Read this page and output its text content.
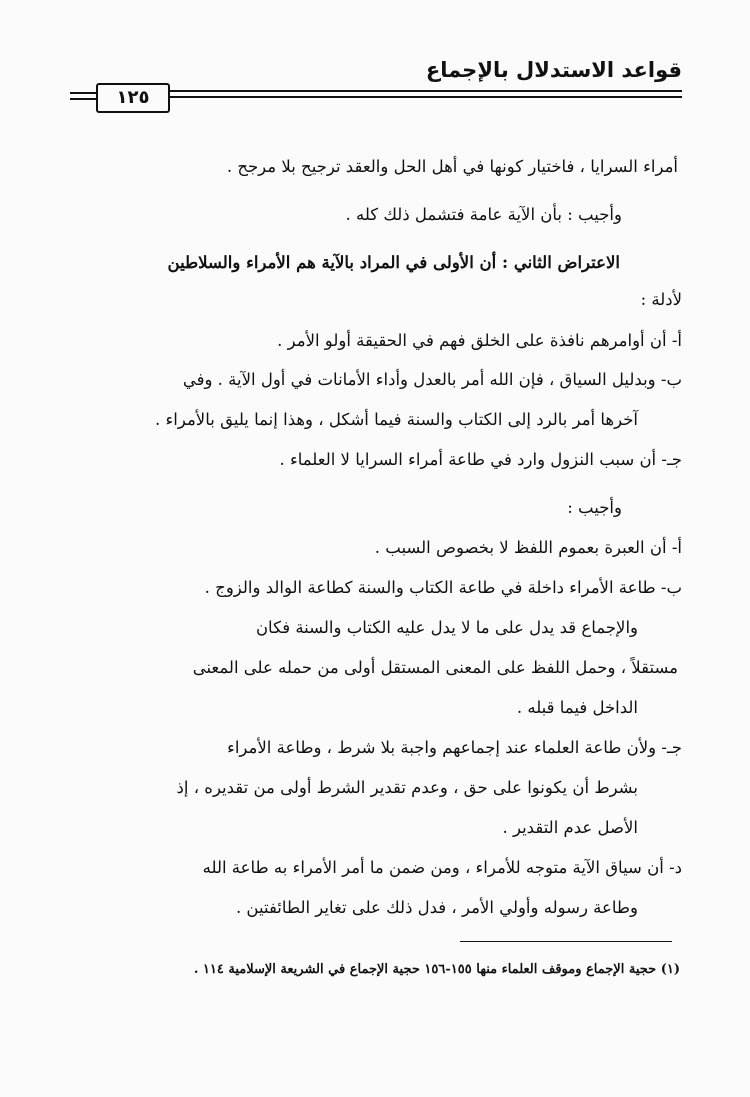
قواعد الاستدلال بالإجماع
١٢٥
أمراء السرايا ، فاختيار كونها في أهل الحل والعقد ترجيح بلا مرجح .
وأجيب : بأن الآية عامة فتشمل ذلك كله .
الاعتراض الثاني : أن الأولى في المراد بالآية هم الأمراء والسلاطين
لأدلة :
أ- أن أوامرهم نافذة على الخلق فهم في الحقيقة أولو الأمر .
ب- وبدليل السياق ، فإن الله أمر بالعدل وأداء الأمانات في أول الآية . وفي
آخرها أمر بالرد إلى الكتاب والسنة فيما أشكل ، وهذا إنما يليق بالأمراء .
جـ- أن سبب النزول وارد في طاعة أمراء السرايا لا العلماء .
وأجيب :
أ- أن العبرة بعموم اللفظ لا بخصوص السبب .
ب- طاعة الأمراء داخلة في طاعة الكتاب والسنة كطاعة الوالد والزوج .
والإجماع قد يدل على ما لا يدل عليه الكتاب والسنة فكان
مستقلاً ، وحمل اللفظ على المعنى المستقل أولى من حمله على المعنى
الداخل فيما قبله .
جـ- ولأن طاعة العلماء عند إجماعهم واجبة بلا شرط ، وطاعة الأمراء
بشرط أن يكونوا على حق ، وعدم تقدير الشرط أولى من تقديره ، إذ
الأصل عدم التقدير .
د- أن سياق الآية متوجه للأمراء ، ومن ضمن ما أمر الأمراء به طاعة الله
وطاعة رسوله وأولي الأمر ، فدل ذلك على تغاير الطائفتين .
(١) حجية الإجماع وموقف العلماء منها ١٥٥-١٥٦ حجية الإجماع في الشريعة الإسلامية ١١٤ .
